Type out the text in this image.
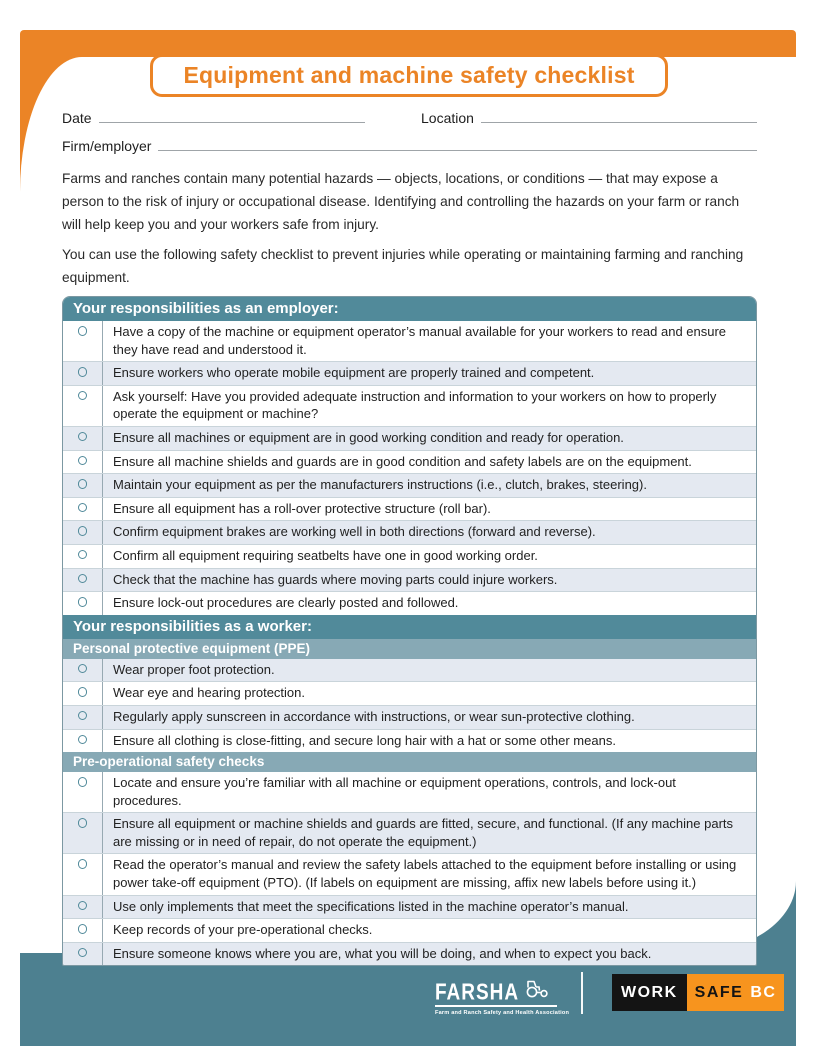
FARSHA
Farm and Ranch Safety and Health Association
WORK	SAFE BC
Date	Location
Firm/employer

Farms and ranches contain many potential hazards — objects, locations, or conditions — that may expose a person to the risk of injury or occupational disease. Identifying and controlling the hazards on your farm or ranch will help keep you and your workers safe from injury.

You can use the following safety checklist to prevent injuries while operating or maintaining farming and ranching equipment.

Your responsibilities as an employer:
Have a copy of the machine or equipment operator’s manual available for your workers to read and ensure they have read and understood it.
Ensure workers who operate mobile equipment are properly trained and competent.
Ask yourself: Have you provided adequate instruction and information to your workers on how to properly operate the equipment or machine?
Ensure all machines or equipment are in good working condition and ready for operation.
Ensure all machine shields and guards are in good condition and safety labels are on the equipment.
Maintain your equipment as per the manufacturers instructions (i.e., clutch, brakes, steering).
Ensure all equipment has a roll-over protective structure (roll bar).
Confirm equipment brakes are working well in both directions (forward and reverse).
Confirm all equipment requiring seatbelts have one in good working order.
Check that the machine has guards where moving parts could injure workers.
Ensure lock-out procedures are clearly posted and followed.
Your responsibilities as a worker:
Personal protective equipment (PPE)
Wear proper foot protection.
Wear eye and hearing protection.
Regularly apply sunscreen in accordance with instructions, or wear sun-protective clothing.
Ensure all clothing is close-fitting, and secure long hair with a hat or some other means.
Pre-operational safety checks
Locate and ensure you’re familiar with all machine or equipment operations, controls, and lock-out procedures.
Ensure all equipment or machine shields and guards are fitted, secure, and functional. (If any machine parts are missing or in need of repair, do not operate the equipment.)
Read the operator’s manual and review the safety labels attached to the equipment before installing or using power take-off equipment (PTO). (If labels on equipment are missing, affix new labels before using it.)
Use only implements that meet the specifications listed in the machine operator’s manual.
Keep records of your pre-operational checks.
Ensure someone knows where you are, what you will be doing, and when to expect you back.
Equipment and machine safety checklist
